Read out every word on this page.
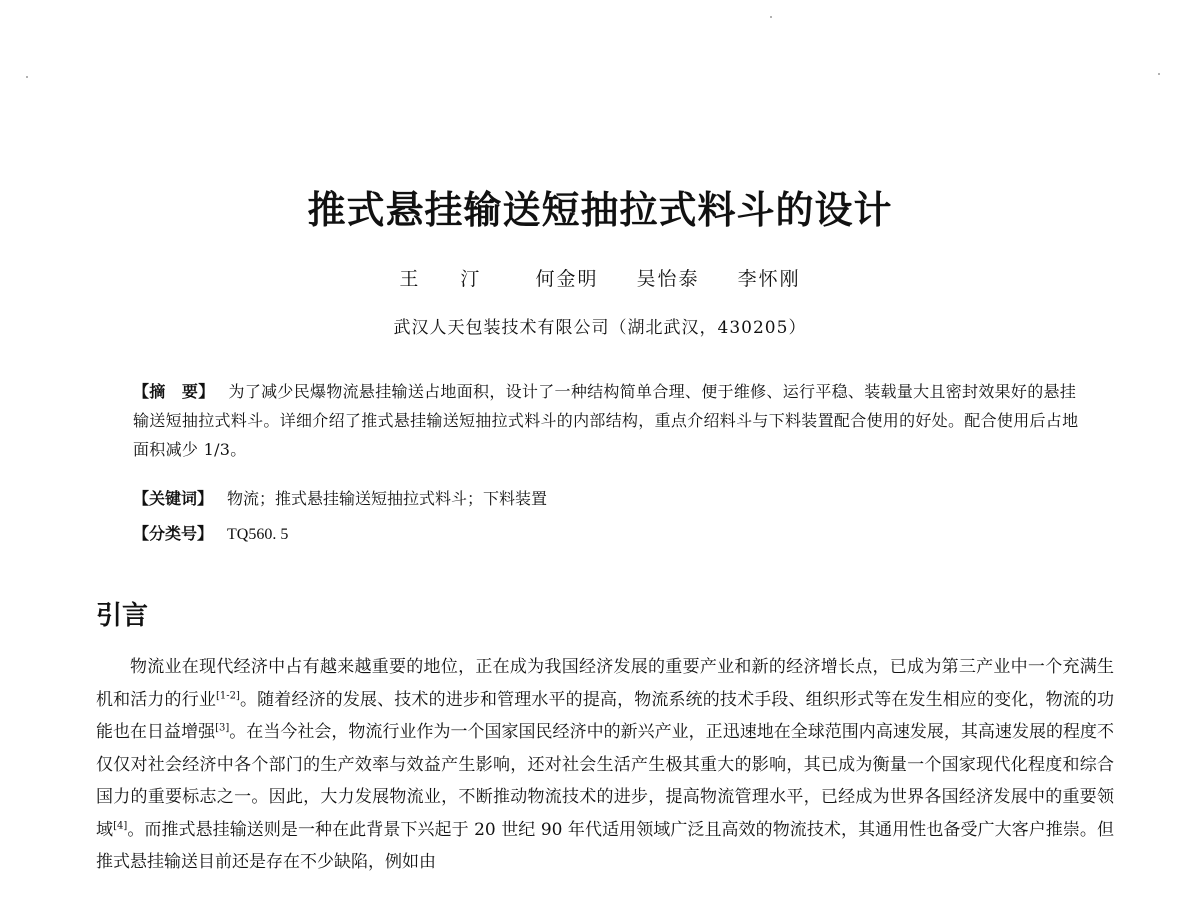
推式悬挂输送短抽拉式料斗的设计
王 汀 何金明 吴怡泰 李怀刚
武汉人天包装技术有限公司（湖北武汉，430205）
【摘　要】 为了减少民爆物流悬挂输送占地面积，设计了一种结构简单合理、便于维修、运行平稳、装载量大且密封效果好的悬挂输送短抽拉式料斗。详细介绍了推式悬挂输送短抽拉式料斗的内部结构，重点介绍料斗与下料装置配合使用的好处。配合使用后占地面积减少 1/3。
【关键词】 物流；推式悬挂输送短抽拉式料斗；下料装置
【分类号】 TQ560. 5
引言

物流业在现代经济中占有越来越重要的地位，正在成为我国经济发展的重要产业和新的经济增长点，已成为第三产业中一个充满生机和活力的行业[1-2]。随着经济的发展、技术的进步和管理水平的提高，物流系统的技术手段、组织形式等在发生相应的变化，物流的功能也在日益增强[3]。在当今社会，物流行业作为一个国家国民经济中的新兴产业，正迅速地在全球范围内高速发展，其高速发展的程度不仅仅对社会经济中各个部门的生产效率与效益产生影响，还对社会生活产生极其重大的影响，其已成为衡量一个国家现代化程度和综合国力的重要标志之一。因此，大力发展物流业，不断推动物流技术的进步，提高物流管理水平，已经成为世界各国经济发展中的重要领域[4]。而推式悬挂输送则是一种在此背景下兴起于 20 世纪 90 年代适用领域广泛且高效的物流技术，其通用性也备受广大客户推崇。但推式悬挂输送目前还是存在不少缺陷，例如由
